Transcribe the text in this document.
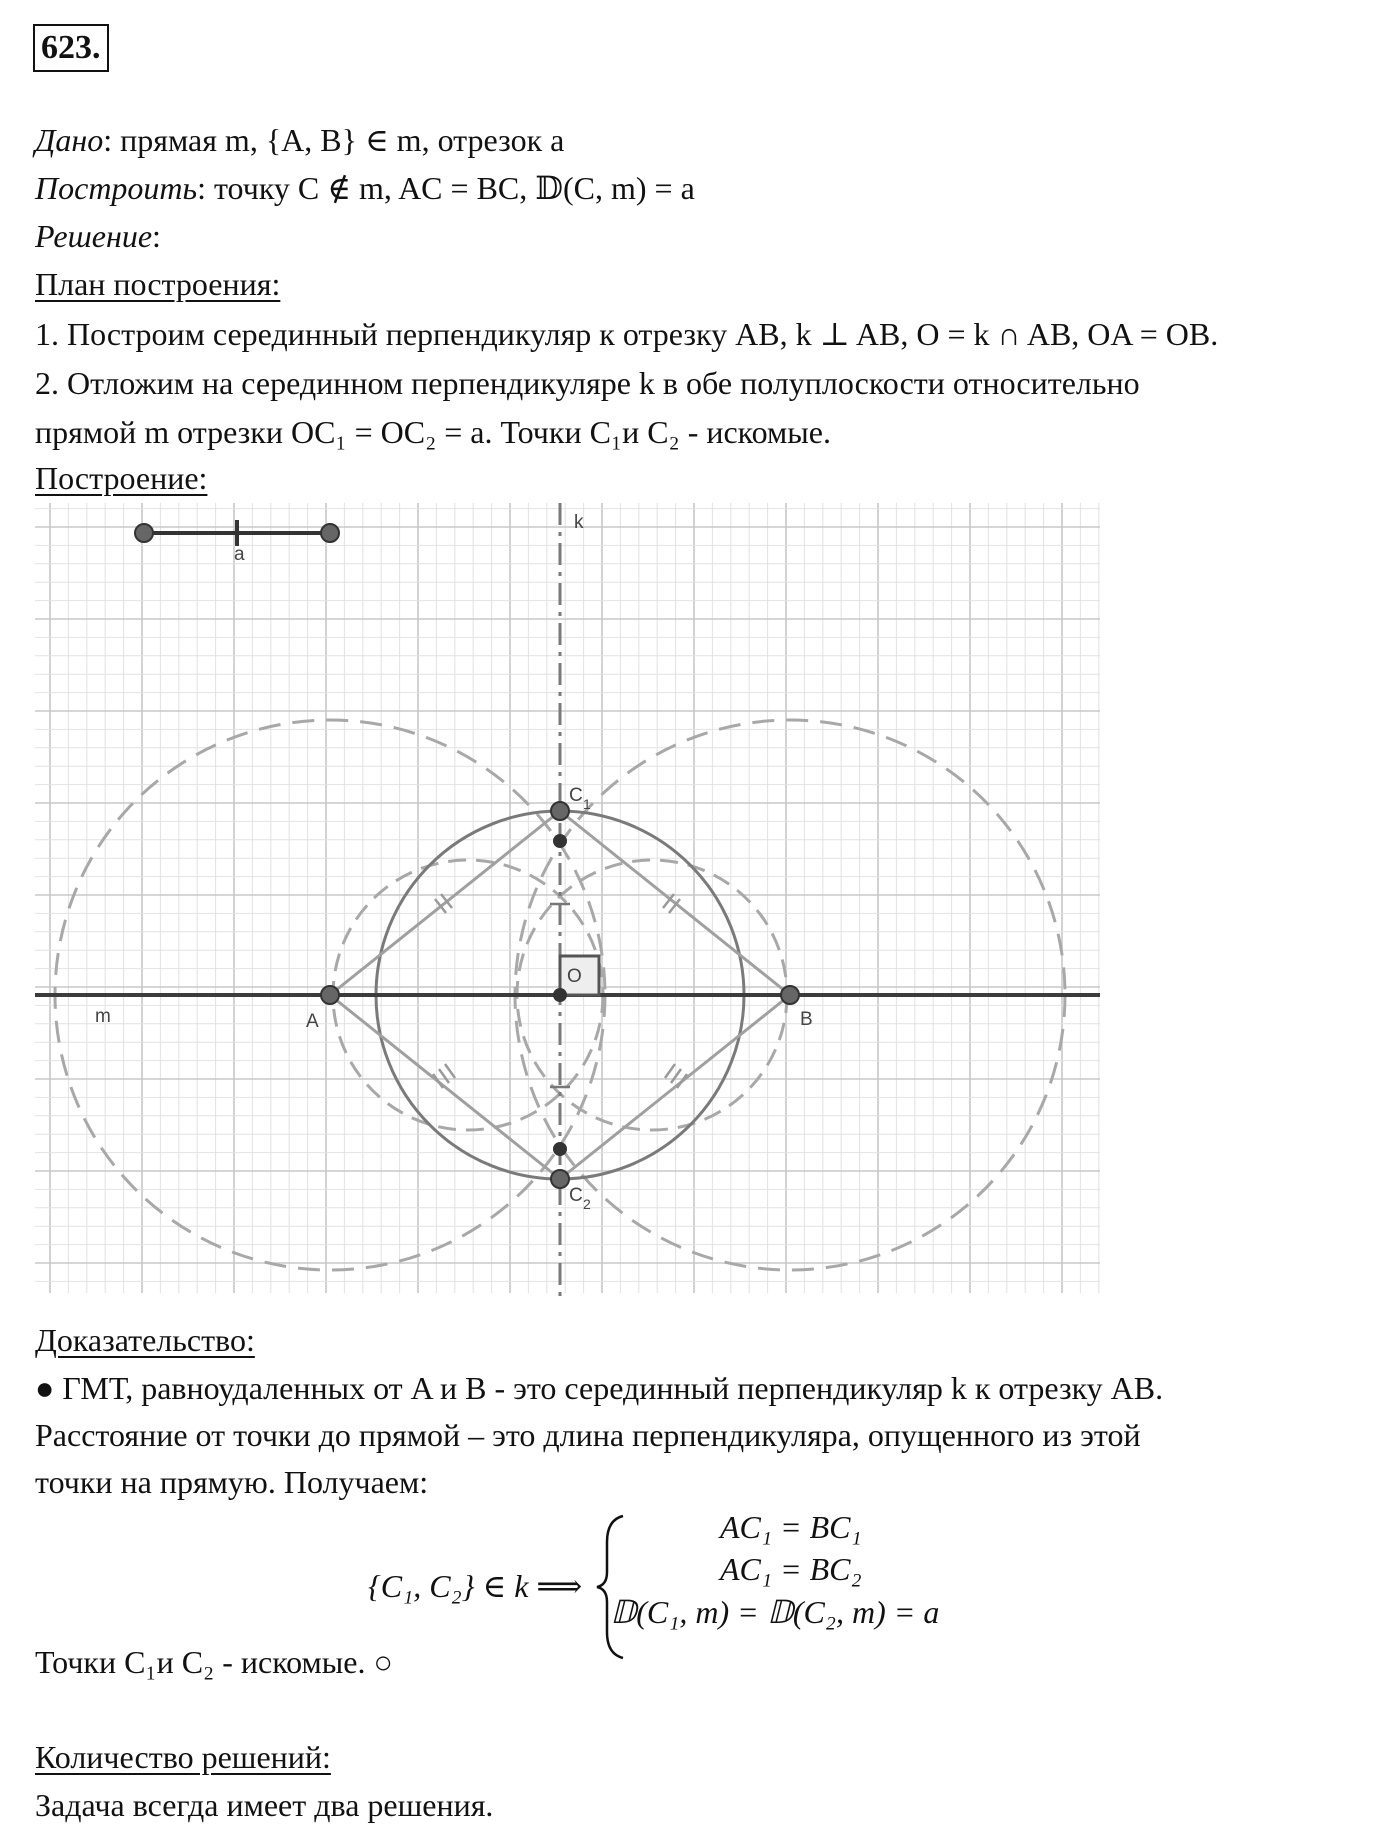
623.
Дано: прямая m, {A, B} ∈ m, отрезок a
Построить: точку C ∉ m, AC = BC, 𝔻(C, m) = a
Решение:
План построения:
1. Построим серединный перпендикуляр к отрезку AB, k ⊥ AB, O = k ∩ AB, OA = OB.
2. Отложим на серединном перпендикуляре k в обе полуплоскости относительно
прямой m отрезки OC₁ = OC₂ = a. Точки C₁и C₂ - искомые.
Построение:
a
k
m	A	B
O
C 1
C 2
Доказательство:
● ГМТ, равноудаленных от A и B - это серединный перпендикуляр k к отрезку AB.
Расстояние от точки до прямой – это длина перпендикуляра, опущенного из этой
точки на прямую. Получаем:
{C₁, C₂} ∈ k ⟹
AC₁ = BC₁
AC₁ = BC₂
𝔻(C₁, m) = 𝔻(C₂, m) = a
Точки C₁и C₂ - искомые. ○
Количество решений:
Задача всегда имеет два решения.
